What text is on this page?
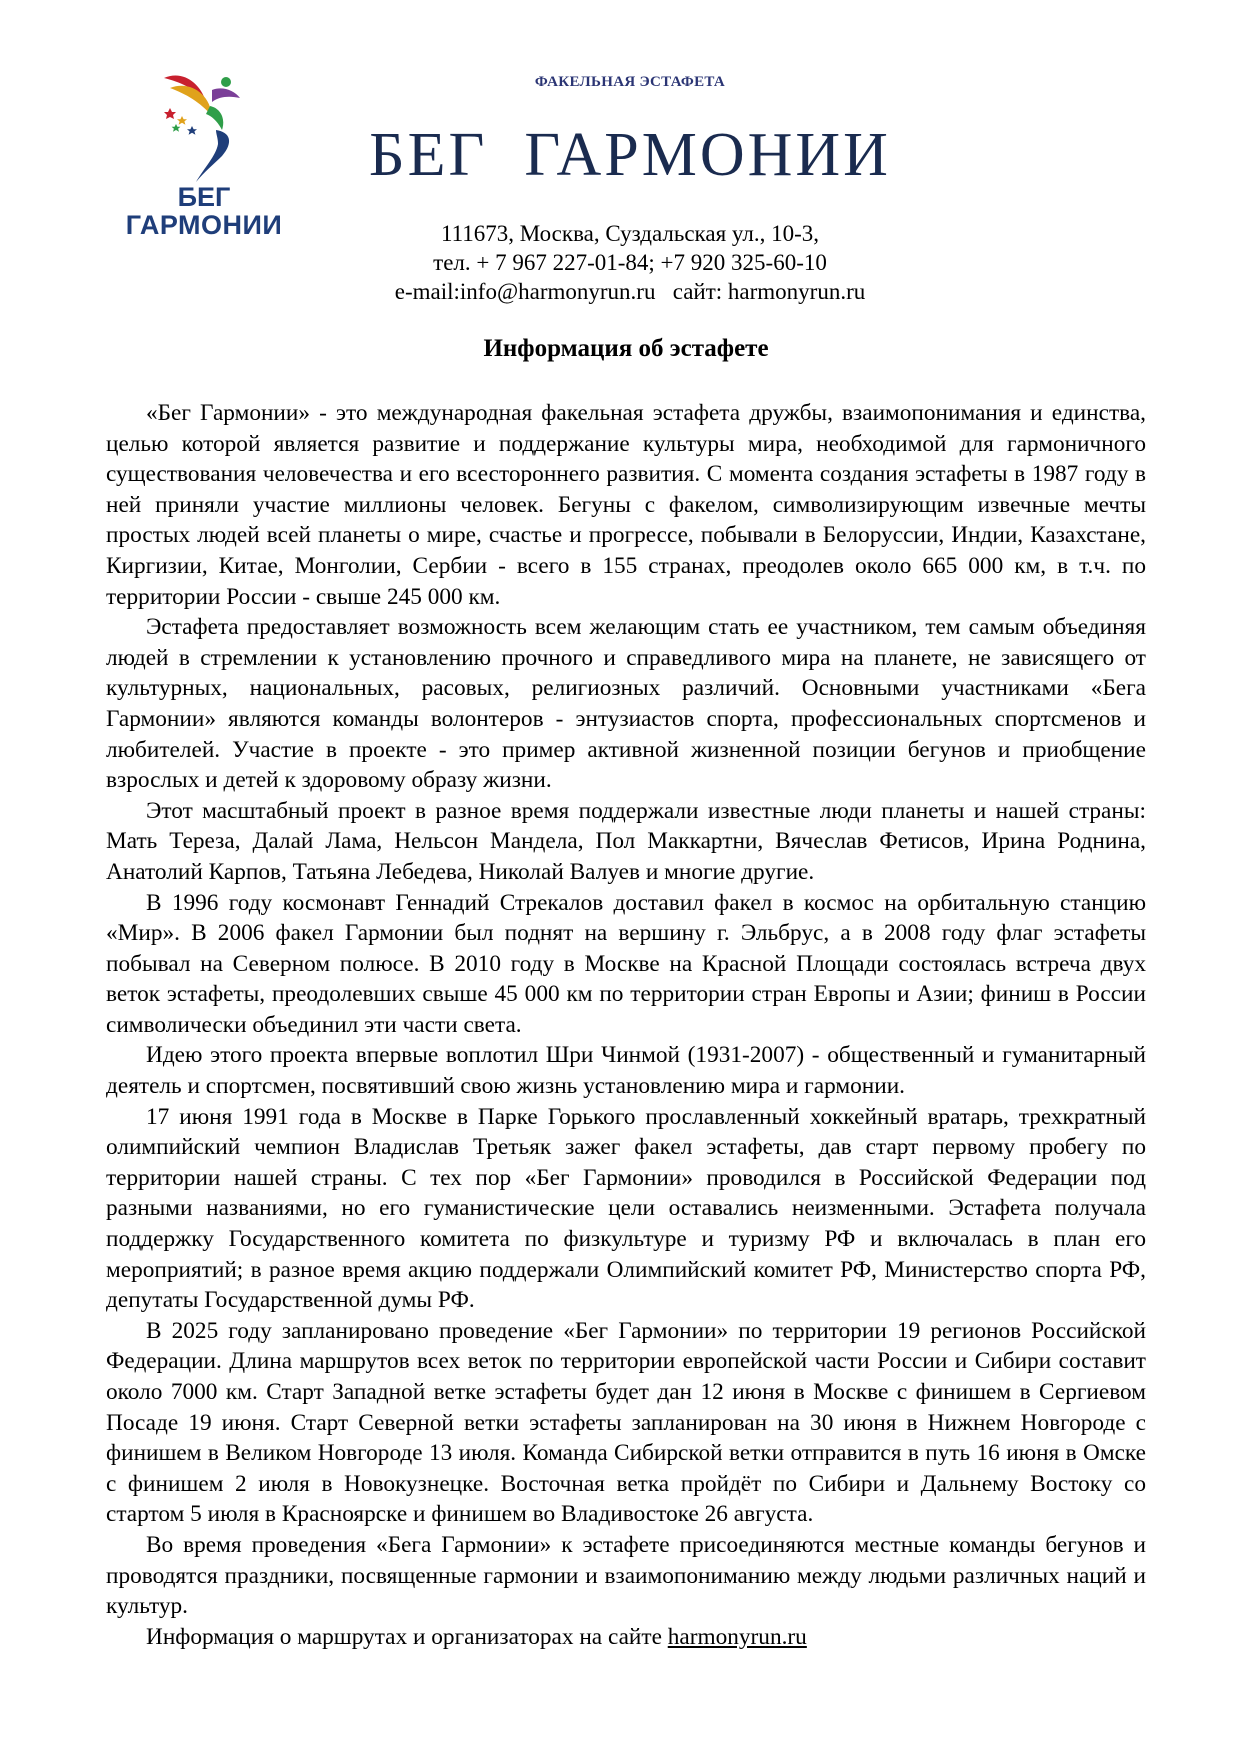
БЕГ
ГАРМОНИИ
ФАКЕЛЬНАЯ ЭСТАФЕТА
БЕГ  ГАРМОНИИ
111673, Москва, Суздальская ул., 10-3,
тел. + 7 967 227-01-84; +7 920 325-60-10
e-mail:info@harmonyrun.ru   сайт: harmonyrun.ru
Информация об эстафете

«Бег Гармонии» - это международная факельная эстафета дружбы, взаимопонимания и единства, целью которой является развитие и поддержание культуры мира, необходимой для гармоничного существования человечества и его всестороннего развития. С момента создания эстафеты в 1987 году в ней приняли участие миллионы человек. Бегуны с факелом, символизирующим извечные мечты простых людей всей планеты о мире, счастье и прогрессе, побывали в Белоруссии, Индии, Казахстане, Киргизии, Китае, Монголии, Сербии - всего в 155 странах, преодолев около 665 000 км, в т.ч. по территории России - свыше 245 000 км.

Эстафета предоставляет возможность всем желающим стать ее участником, тем самым объединяя людей в стремлении к установлению прочного и справедливого мира на планете, не зависящего от культурных, национальных, расовых, религиозных различий. Основными участниками «Бега Гармонии» являются команды волонтеров - энтузиастов спорта, профессиональных спортсменов и любителей. Участие в проекте - это пример активной жизненной позиции бегунов и приобщение взрослых и детей к здоровому образу жизни.

Этот масштабный проект в разное время поддержали известные люди планеты и нашей страны: Мать Тереза, Далай Лама, Нельсон Мандела, Пол Маккартни, Вячеслав Фетисов, Ирина Роднина, Анатолий Карпов, Татьяна Лебедева, Николай Валуев и многие другие.

В 1996 году космонавт Геннадий Стрекалов доставил факел в космос на орбитальную станцию «Мир». В 2006 факел Гармонии был поднят на вершину г. Эльбрус, а в 2008 году флаг эстафеты побывал на Северном полюсе. В 2010 году в Москве на Красной Площади состоялась встреча двух веток эстафеты, преодолевших свыше 45 000 км по территории стран Европы и Азии; финиш в России символически объединил эти части света.

Идею этого проекта впервые воплотил Шри Чинмой (1931-2007) - общественный и гуманитарный деятель и спортсмен, посвятивший свою жизнь установлению мира и гармонии.

17 июня 1991 года в Москве в Парке Горького прославленный хоккейный вратарь, трехкратный олимпийский чемпион Владислав Третьяк зажег факел эстафеты, дав старт первому пробегу по территории нашей страны. С тех пор «Бег Гармонии» проводился в Российской Федерации под разными названиями, но его гуманистические цели оставались неизменными. Эстафета получала поддержку Государственного комитета по физкультуре и туризму РФ и включалась в план его мероприятий; в разное время акцию поддержали Олимпийский комитет РФ, Министерство спорта РФ, депутаты Государственной думы РФ.

В 2025 году запланировано проведение «Бег Гармонии» по территории 19 регионов Российской Федерации. Длина маршрутов всех веток по территории европейской части России и Сибири составит около 7000 км. Старт Западной ветке эстафеты будет дан 12 июня в Москве с финишем в Сергиевом Посаде 19 июня. Старт Северной ветки эстафеты запланирован на 30 июня в Нижнем Новгороде с финишем в Великом Новгороде 13 июля. Команда Сибирской ветки отправится в путь 16 июня в Омске с финишем 2 июля в Новокузнецке. Восточная ветка пройдёт по Сибири и Дальнему Востоку со стартом 5 июля в Красноярске и финишем во Владивостоке 26 августа.

Во время проведения «Бега Гармонии» к эстафете присоединяются местные команды бегунов и проводятся праздники, посвященные гармонии и взаимопониманию между людьми различных наций и культур.

Информация о маршрутах и организаторах на сайте harmonyrun.ru
